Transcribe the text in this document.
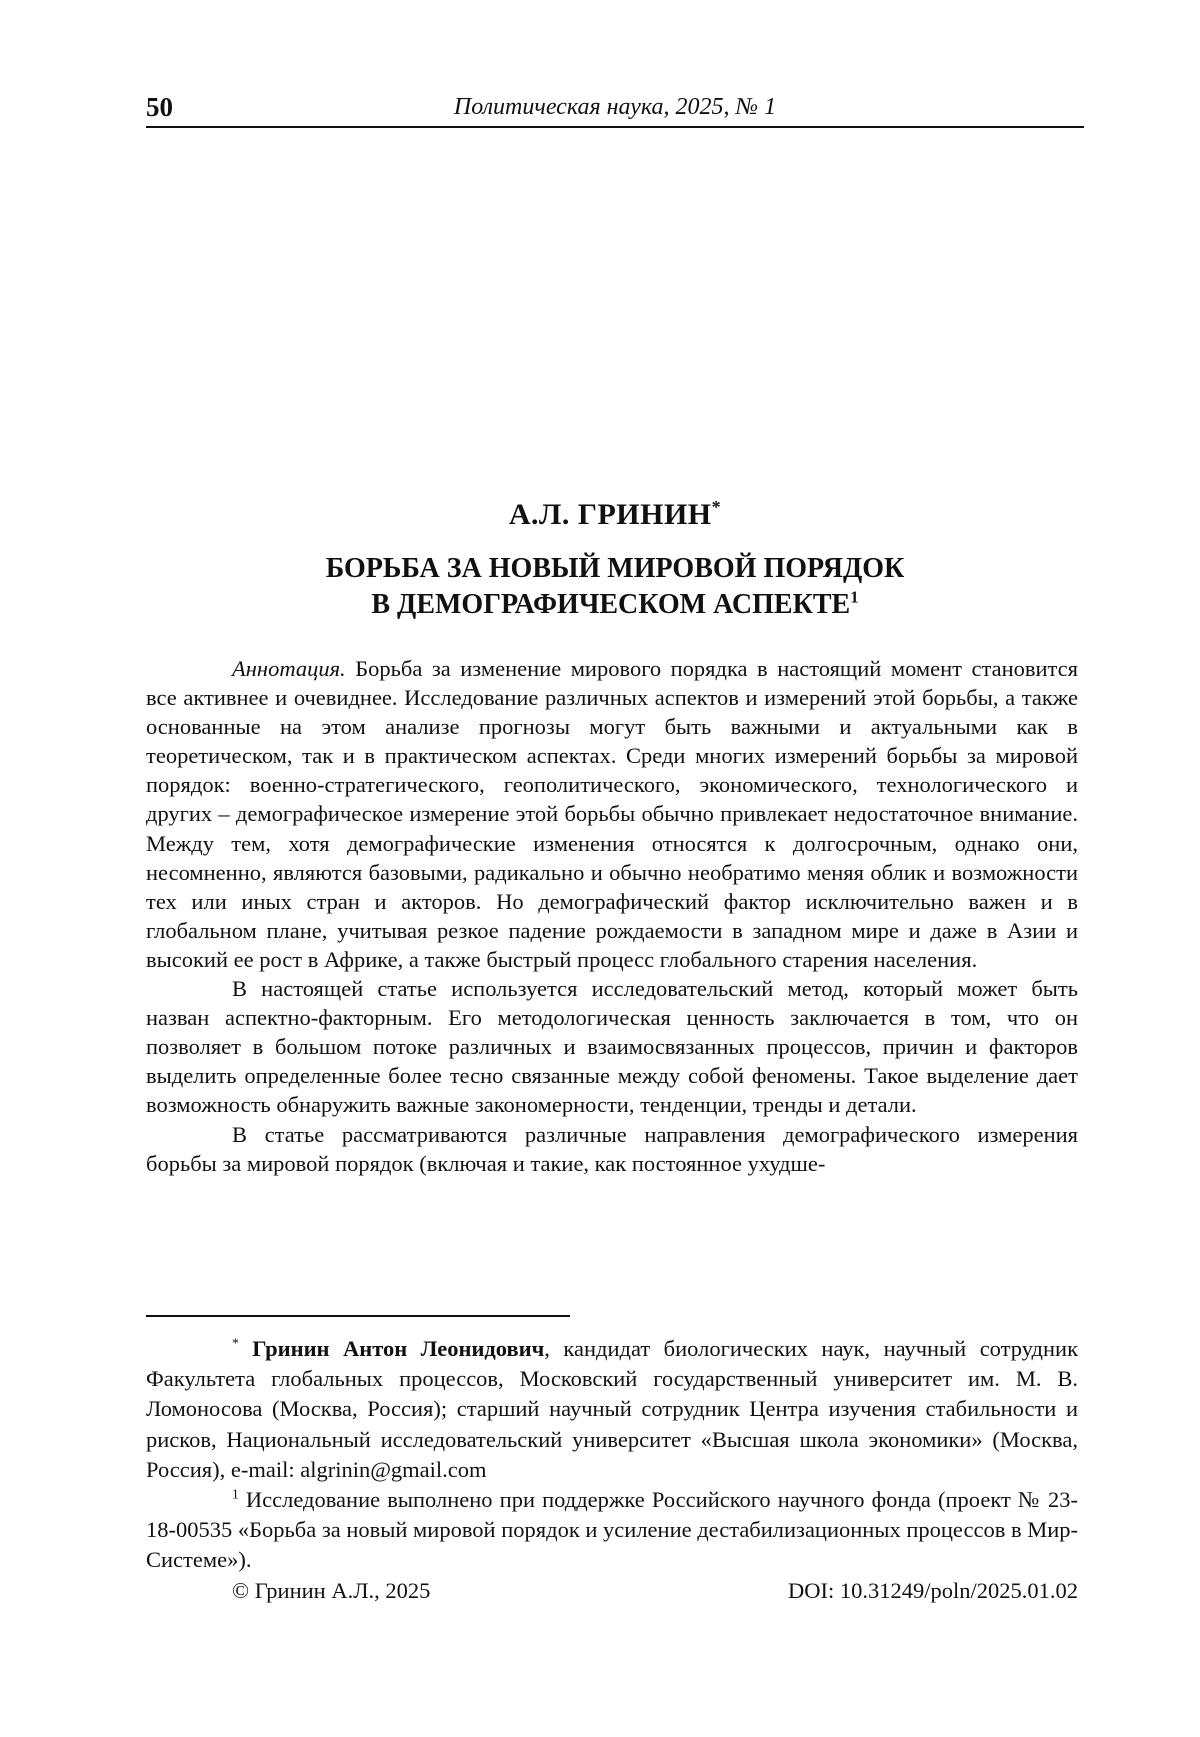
50	Политическая наука, 2025, № 1
А.Л. ГРИНИН*
БОРЬБА ЗА НОВЫЙ МИРОВОЙ ПОРЯДОК
В ДЕМОГРАФИЧЕСКОМ АСПЕКТЕ1

Аннотация. Борьба за изменение мирового порядка в настоящий момент становится все активнее и очевиднее. Исследование различных аспектов и измерений этой борьбы, а также основанные на этом анализе прогнозы могут быть важными и актуальными как в теоретическом, так и в практическом аспектах. Среди многих измерений борьбы за мировой порядок: военно-стратегического, геополитического, экономического, технологического и других – демографическое измерение этой борьбы обычно привлекает недостаточное внимание. Между тем, хотя демографические изменения относятся к долгосрочным, однако они, несомненно, являются базовыми, радикально и обычно необратимо меняя облик и возможности тех или иных стран и акторов. Но демографический фактор исключительно важен и в глобальном плане, учитывая резкое падение рождаемости в западном мире и даже в Азии и высокий ее рост в Африке, а также быстрый процесс глобального старения населения.

В настоящей статье используется исследовательский метод, который может быть назван аспектно-факторным. Его методологическая ценность заключается в том, что он позволяет в большом потоке различных и взаимосвязанных процессов, причин и факторов выделить определенные более тесно связанные между собой феномены. Такое выделение дает возможность обнаружить важные закономерности, тенденции, тренды и детали.

В статье рассматриваются различные направления демографического измерения борьбы за мировой порядок (включая и такие, как постоянное ухудше-

* Гринин Антон Леонидович, кандидат биологических наук, научный сотрудник Факультета глобальных процессов, Московский государственный университет им. М. В. Ломоносова (Москва, Россия); старший научный сотрудник Центра изучения стабильности и рисков, Национальный исследовательский университет «Высшая школа экономики» (Москва, Россия), e-mail: algrinin@gmail.com

1 Исследование выполнено при поддержке Российского научного фонда (проект № 23-18-00535 «Борьба за новый мировой порядок и усиление дестабилизационных процессов в Мир-Системе»).

© Гринин А.Л., 2025	DOI: 10.31249/poln/2025.01.02
